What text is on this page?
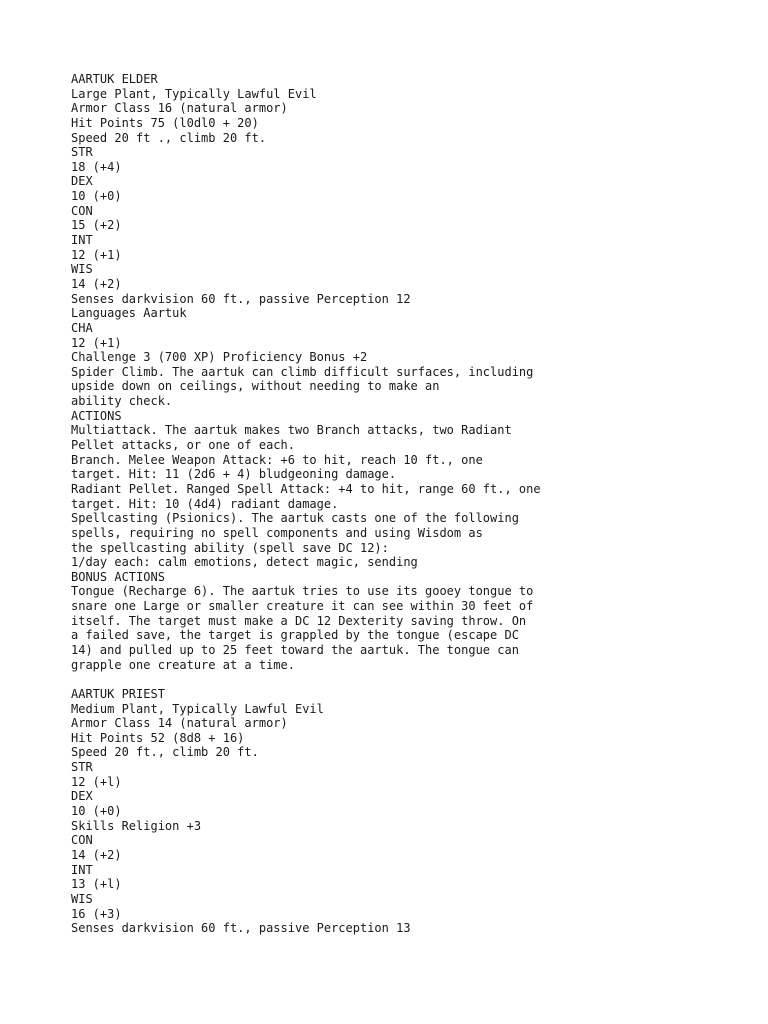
AARTUK ELDER
Large Plant, Typically Lawful Evil
Armor Class 16 (natural armor)
Hit Points 75 (l0dl0 + 20)
Speed 20 ft ., climb 20 ft.
STR
18 (+4)
DEX
10 (+0)
CON
15 (+2)
INT
12 (+1)
WIS
14 (+2)
Senses darkvision 60 ft., passive Perception 12
Languages Aartuk
CHA
12 (+1)
Challenge 3 (700 XP) Proficiency Bonus +2
Spider Climb. The aartuk can climb difficult surfaces, including
upside down on ceilings, without needing to make an
ability check.
ACTIONS
Multiattack. The aartuk makes two Branch attacks, two Radiant
Pellet attacks, or one of each.
Branch. Melee Weapon Attack: +6 to hit, reach 10 ft., one
target. Hit: 11 (2d6 + 4) bludgeoning damage.
Radiant Pellet. Ranged Spell Attack: +4 to hit, range 60 ft., one
target. Hit: 10 (4d4) radiant damage.
Spellcasting (Psionics). The aartuk casts one of the following
spells, requiring no spell components and using Wisdom as
the spellcasting ability (spell save DC 12):
1/day each: calm emotions, detect magic, sending
BONUS ACTIONS
Tongue (Recharge 6). The aartuk tries to use its gooey tongue to
snare one Large or smaller creature it can see within 30 feet of
itself. The target must make a DC 12 Dexterity saving throw. On
a failed save, the target is grappled by the tongue (escape DC
14) and pulled up to 25 feet toward the aartuk. The tongue can
grapple one creature at a time.
AARTUK PRIEST
Medium Plant, Typically Lawful Evil
Armor Class 14 (natural armor)
Hit Points 52 (8d8 + 16)
Speed 20 ft., climb 20 ft.
STR
12 (+l)
DEX
10 (+0)
Skills Religion +3
CON
14 (+2)
INT
13 (+l)
WIS
16 (+3)
Senses darkvision 60 ft., passive Perception 13
